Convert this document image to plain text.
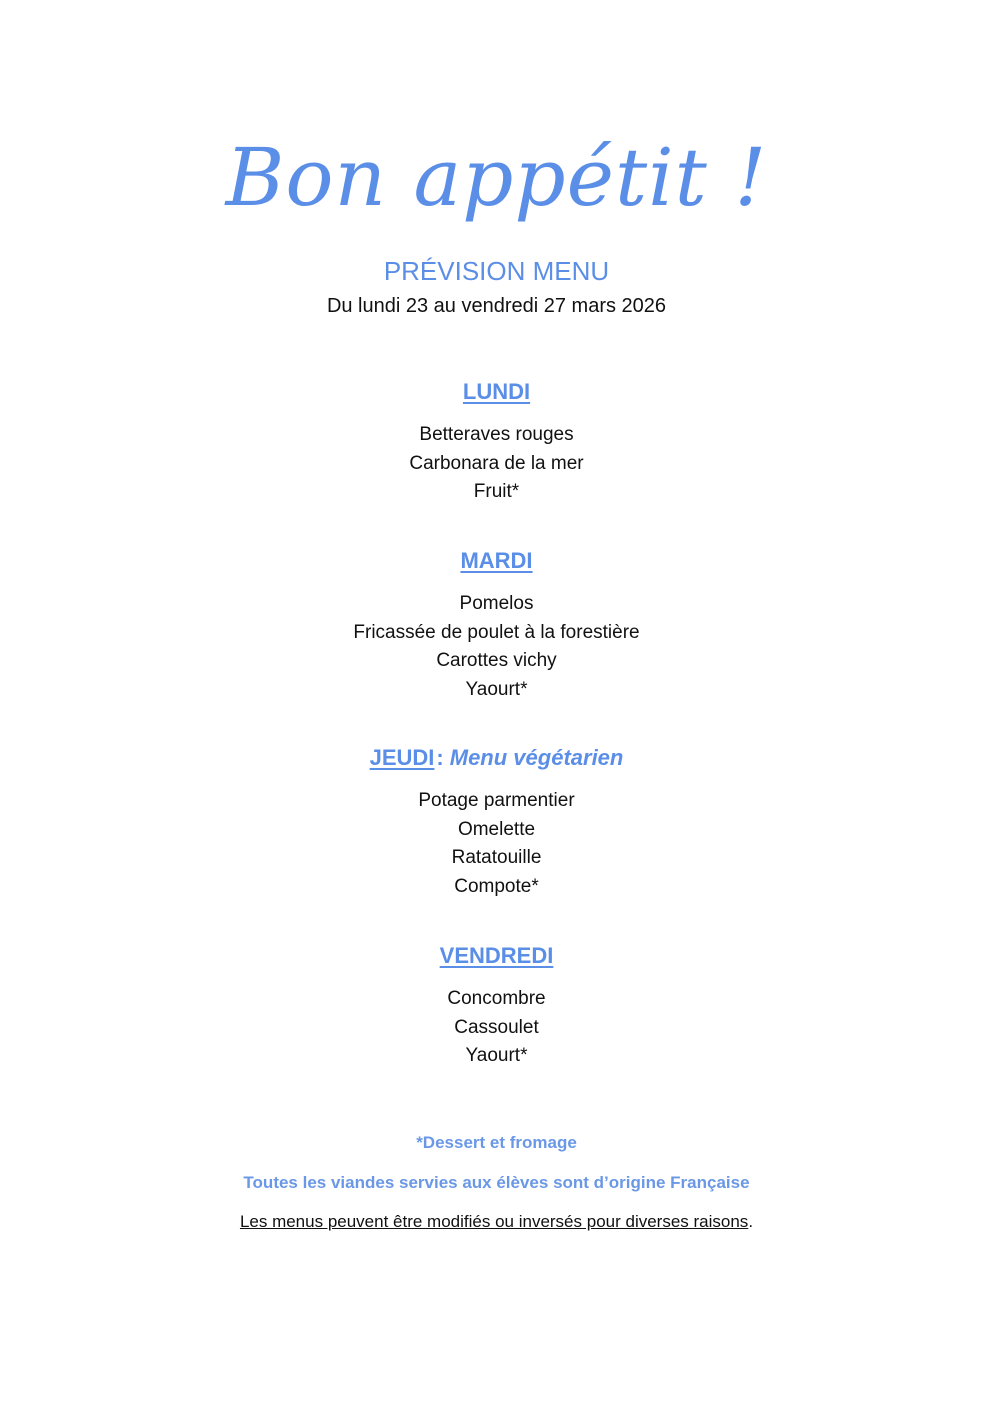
Bon appétit !
PRÉVISION MENU
Du lundi 23 au vendredi 27 mars 2026
LUNDI
Betteraves rouges
Carbonara de la mer
Fruit*
MARDI
Pomelos
Fricassée de poulet à la forestière
Carottes vichy
Yaourt*
JEUDI: Menu végétarien
Potage parmentier
Omelette
Ratatouille
Compote*
VENDREDI
Concombre
Cassoulet
Yaourt*
*Dessert et fromage
Toutes les viandes servies aux élèves sont d’origine Française
Les menus peuvent être modifiés ou inversés pour diverses raisons.
